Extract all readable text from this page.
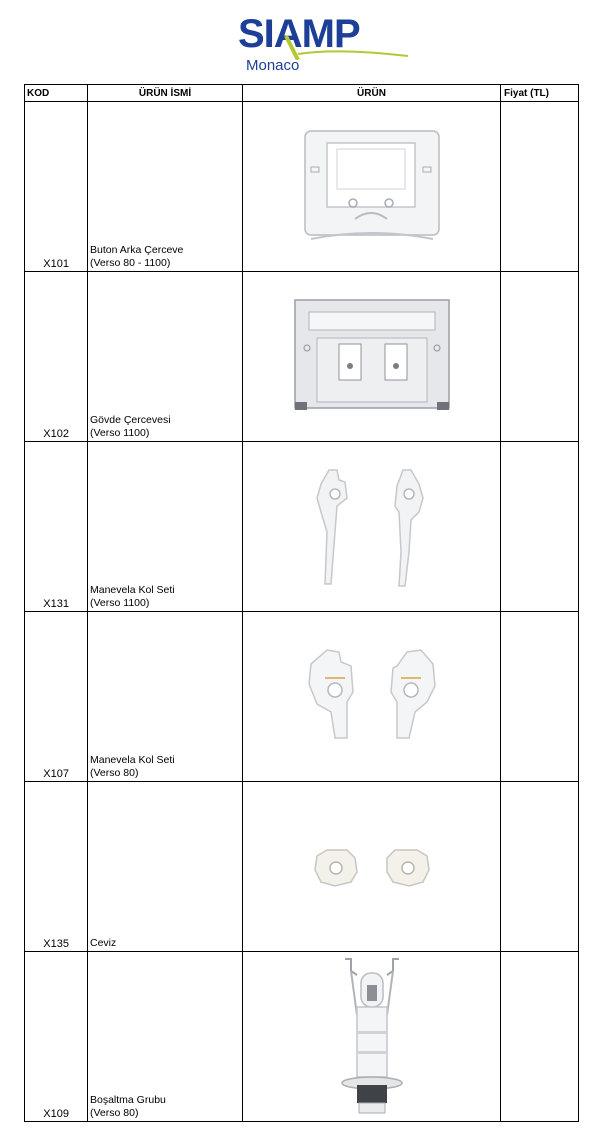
SIAMP
Monaco
KOD	ÜRÜN İSMİ	ÜRÜN	Fiyat (TL)
X101	Buton Arka Çerceve
(Verso 80 - 1100)

X102	Gövde Çercevesi
(Verso 1100)

X131	Manevela Kol Seti
(Verso 1100)

X107	Manevela Kol Seti
(Verso 80)

X135	Ceviz

X109	Boşaltma Grubu
(Verso 80)
